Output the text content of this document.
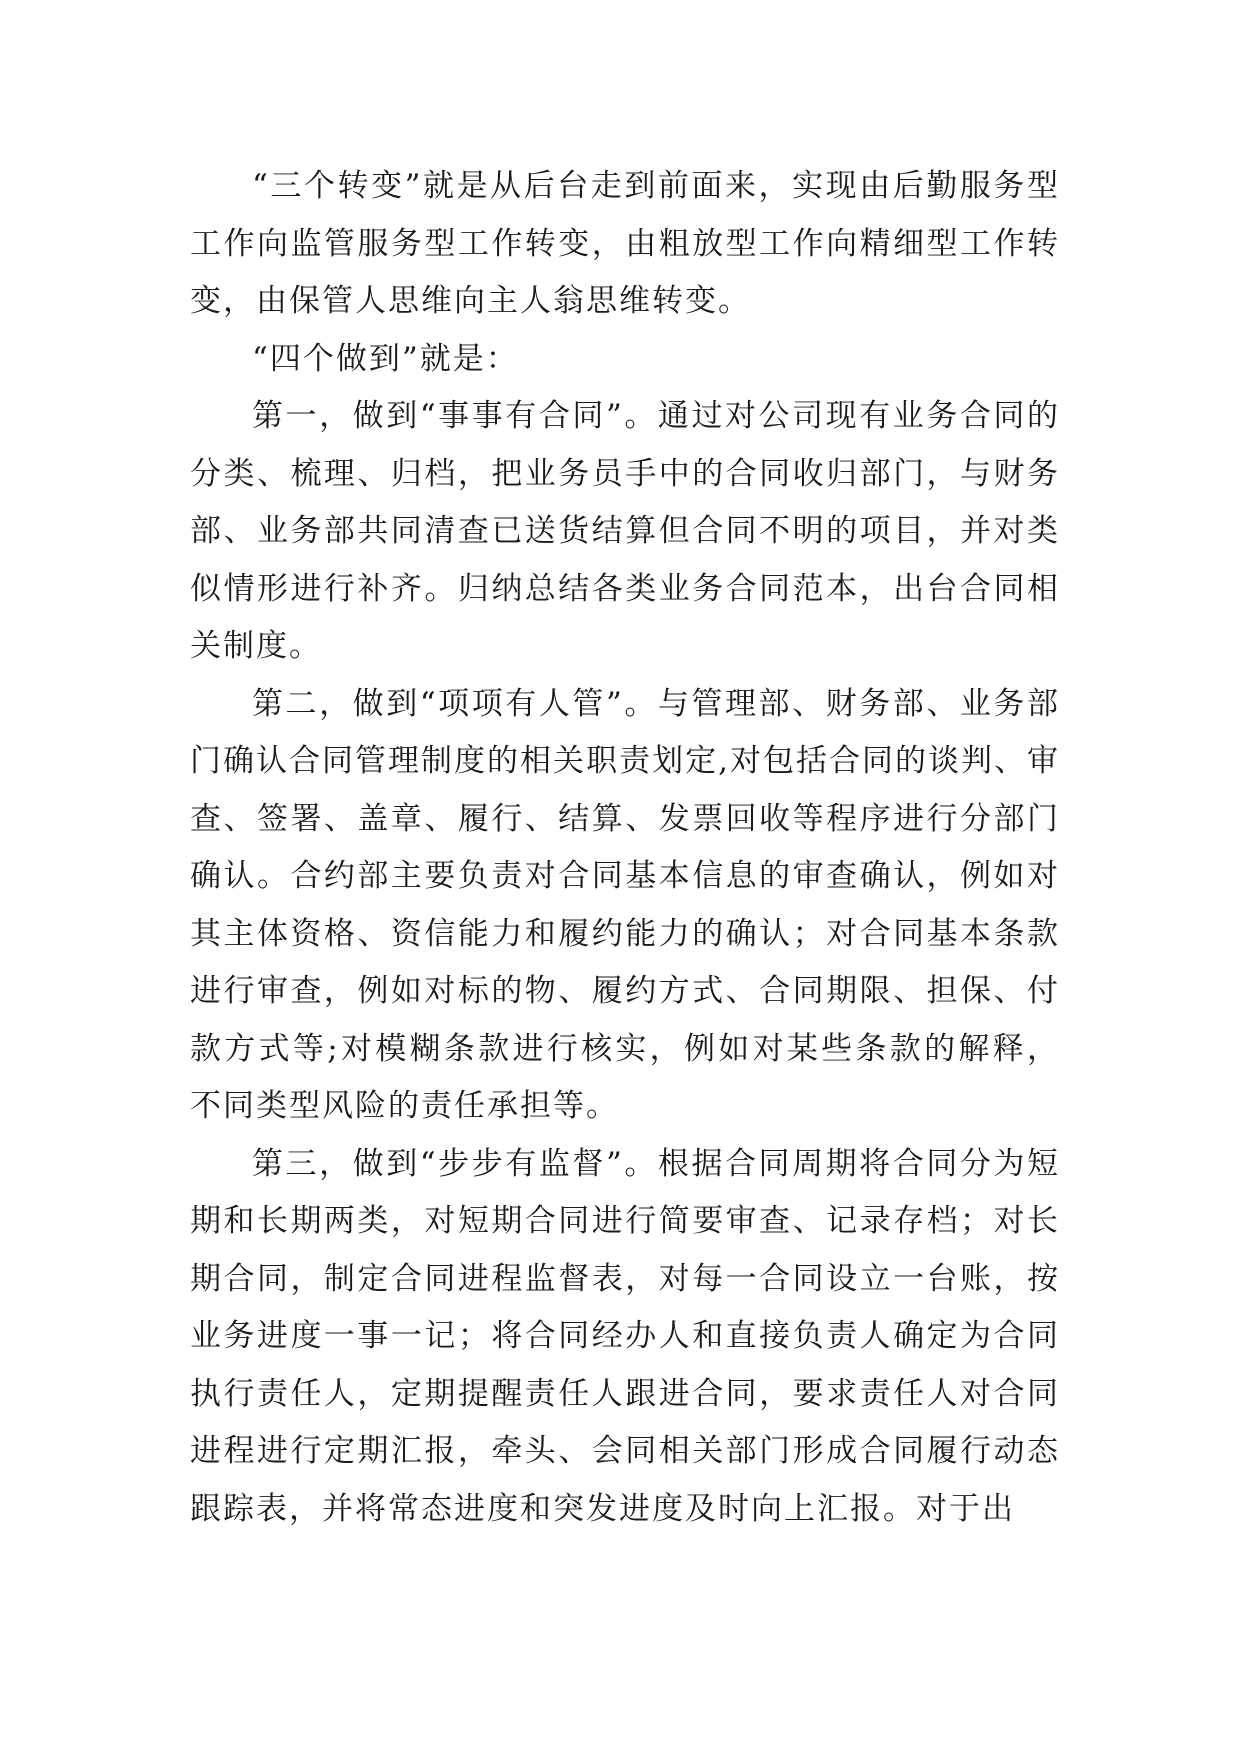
“三个转变”就是从后台走到前面来，实现由后勤服务型工作向监管服务型工作转变，由粗放型工作向精细型工作转变，由保管人思维向主人翁思维转变。

“四个做到”就是：

第一，做到“事事有合同”。通过对公司现有业务合同的分类、梳理、归档，把业务员手中的合同收归部门，与财务部、业务部共同清查已送货结算但合同不明的项目，并对类似情形进行补齐。归纳总结各类业务合同范本，出台合同相关制度。

第二，做到“项项有人管”。与管理部、财务部、业务部门确认合同管理制度的相关职责划定,对包括合同的谈判、审查、签署、盖章、履行、结算、发票回收等程序进行分部门确认。合约部主要负责对合同基本信息的审查确认，例如对其主体资格、资信能力和履约能力的确认；对合同基本条款进行审查，例如对标的物、履约方式、合同期限、担保、付款方式等;对模糊条款进行核实，例如对某些条款的解释，不同类型风险的责任承担等。

第三，做到“步步有监督”。根据合同周期将合同分为短期和长期两类，对短期合同进行简要审查、记录存档；对长期合同，制定合同进程监督表，对每一合同设立一台账，按业务进度一事一记；将合同经办人和直接负责人确定为合同执行责任人，定期提醒责任人跟进合同，要求责任人对合同进程进行定期汇报，牵头、会同相关部门形成合同履行动态跟踪表，并将常态进度和突发进度及时向上汇报。对于出
